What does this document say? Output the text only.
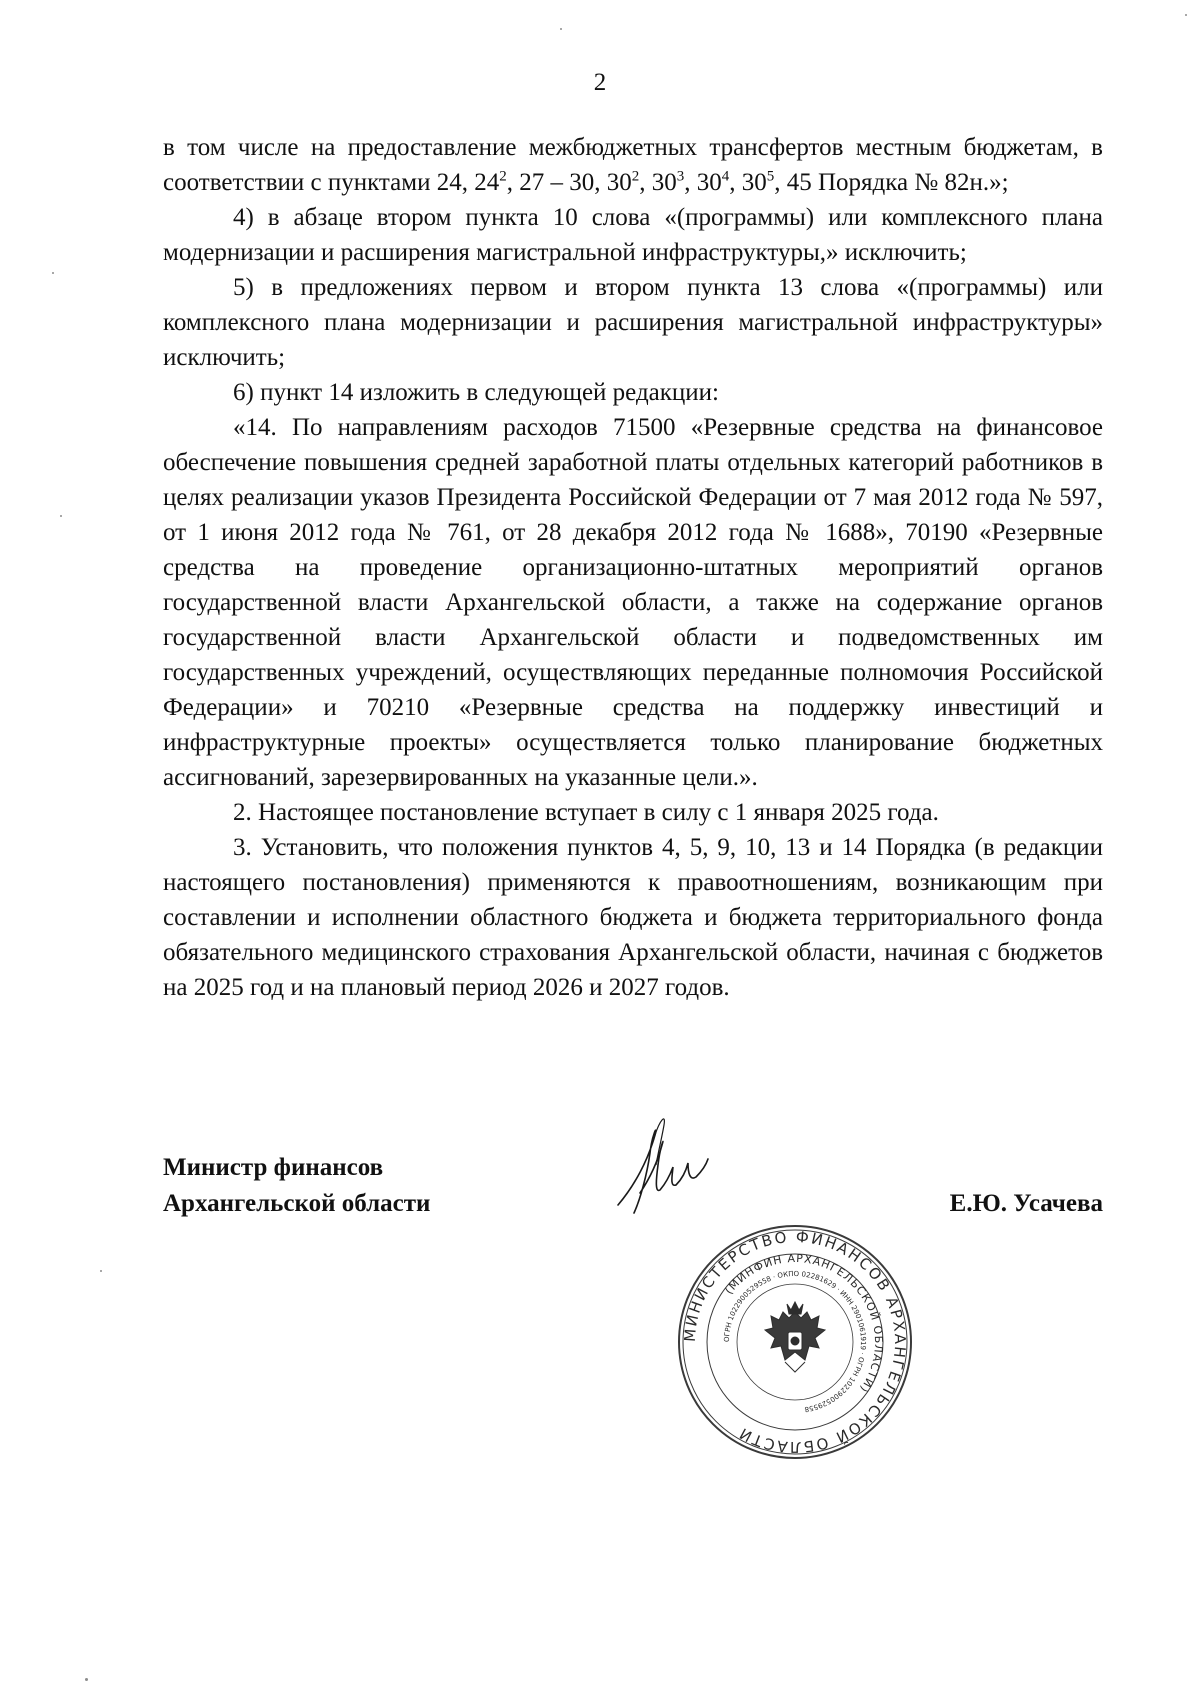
2

в том числе на предоставление межбюджетных трансфертов местным бюджетам, в соответствии с пунктами 24, $24^2$, 27 – 30, $30^2$, $30^3$, $30^4$, $30^5$, 45 Порядка № 82н.»;

4) в абзаце втором пункта 10 слова «(программы) или комплексного плана модернизации и расширения магистральной инфраструктуры,» исключить;

5) в предложениях первом и втором пункта 13 слова «(программы) или комплексного плана модернизации и расширения магистральной инфраструктуры» исключить;

6) пункт 14 изложить в следующей редакции:

«14. По направлениям расходов 71500 «Резервные средства на финансовое обеспечение повышения средней заработной платы отдельных категорий работников в целях реализации указов Президента Российской Федерации от 7 мая 2012 года № 597, от 1 июня 2012 года № 761, от 28 декабря 2012 года № 1688», 70190 «Резервные средства на проведение организационно-штатных мероприятий органов государственной власти Архангельской области, а также на содержание органов государственной власти Архангельской области и подведомственных им государственных учреждений, осуществляющих переданные полномочия Российской Федерации» и 70210 «Резервные средства на поддержку инвестиций и инфраструктурные проекты» осуществляется только планирование бюджетных ассигнований, зарезервированных на указанные цели.».

2. Настоящее постановление вступает в силу с 1 января 2025 года.

3. Установить, что положения пунктов 4, 5, 9, 10, 13 и 14 Порядка (в редакции настоящего постановления) применяются к правоотношениям, возникающим при составлении и исполнении областного бюджета и бюджета территориального фонда обязательного медицинского страхования Архангельской области, начиная с бюджетов на 2025 год и на плановый период 2026 и 2027 годов.

Министр финансов
Архангельской области
МИНИСТЕРСТВО ФИНАНСОВ АРХАНГЕЛЬСКОЙ ОБЛАСТИ
(МИНФИН АРХАНГЕЛЬСКОЙ ОБЛАСТИ)
ОГРН 1022900529558 · ОКПО 02281629 · ИНН 2901061919 · ОГРН 1022900529558
Е.Ю. Усачева
